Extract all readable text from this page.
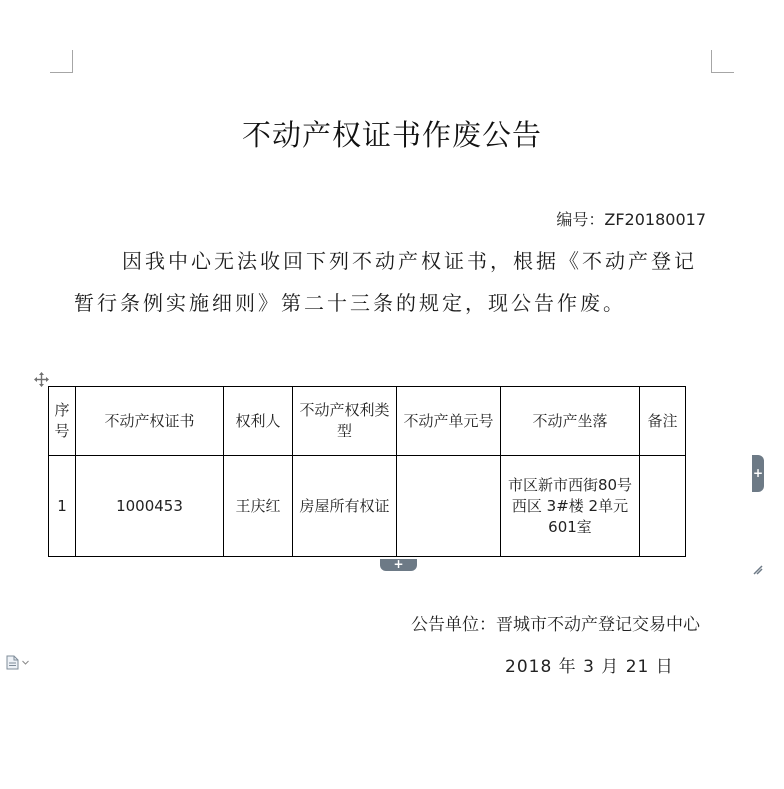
不动产权证书作废公告
编号：ZF20180017
因我中心无法收回下列不动产权证书，根据《不动产登记暂行条例实施细则》第二十三条的规定，现公告作废。
序号	不动产权证书	权利人	不动产权利类型	不动产单元号	不动产坐落	备注
1	1000453	王庆红	房屋所有权证		市区新市西街80号西区 3#楼 2单元601室	
+
+
公告单位：晋城市不动产登记交易中心
2018 年 3 月 21 日
